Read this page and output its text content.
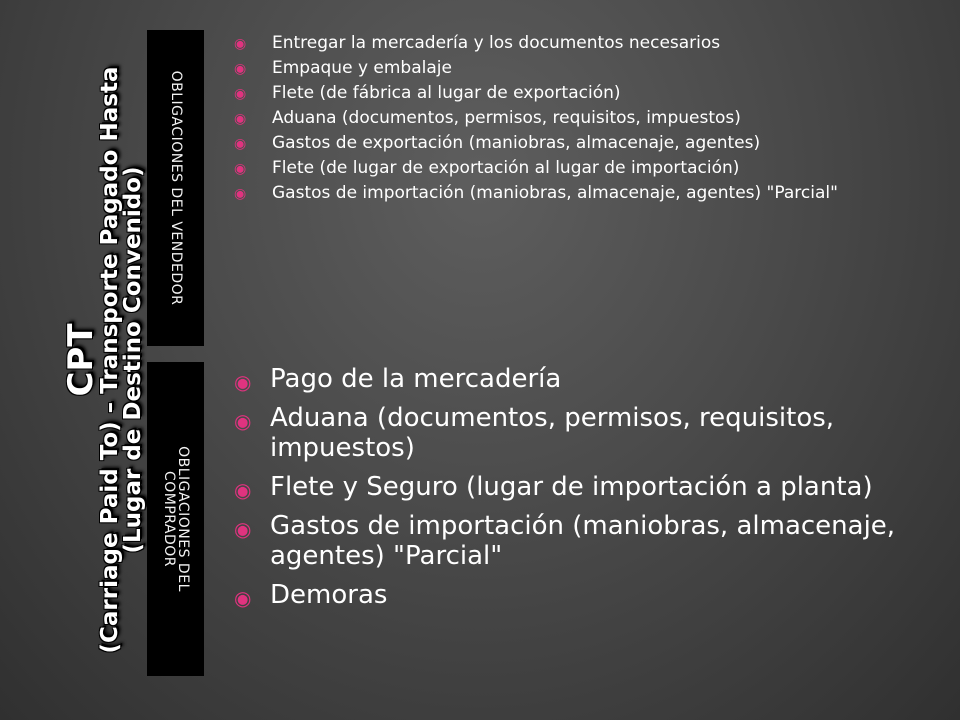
CPT
(Carriage Paid To) – Transporte Pagado Hasta
(Lugar de Destino Convenido) OBLIGACIONES DEL VENDEDOR
OBLIGACIONES DEL COMPRADOR
◉ Entregar la mercadería y los documentos necesarios
◉ Empaque y embalaje
◉ Flete (de fábrica al lugar de exportación)
◉ Aduana (documentos, permisos, requisitos, impuestos)
◉ Gastos de exportación (maniobras, almacenaje, agentes)
◉ Flete (de lugar de exportación al lugar de importación)
◉ Gastos de importación (maniobras, almacenaje, agentes) "Parcial"
◉ Pago de la mercadería
◉ Aduana (documentos, permisos, requisitos, impuestos)
◉ Flete y Seguro (lugar de importación a planta)
◉ Gastos de importación (maniobras, almacenaje, agentes) "Parcial"
◉ Demoras
